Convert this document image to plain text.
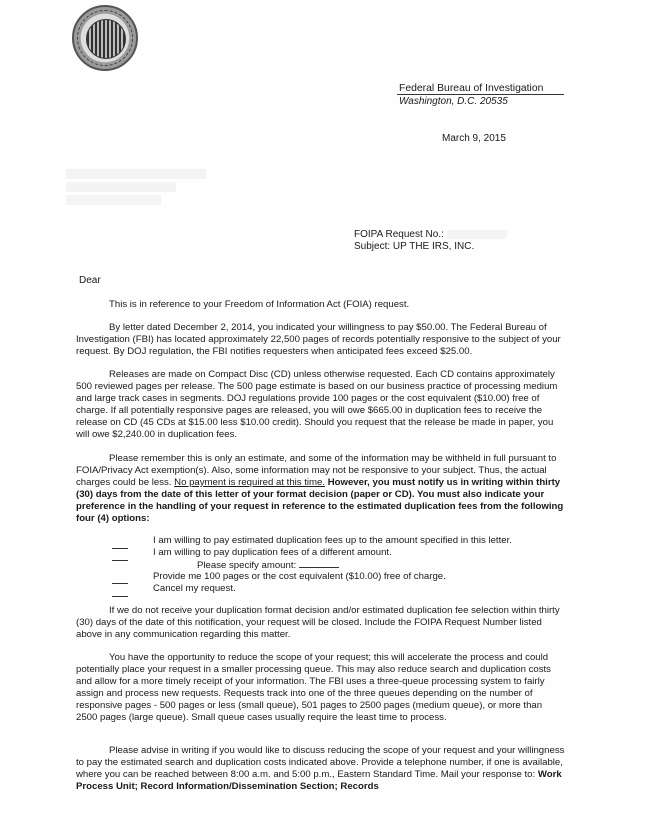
Federal Bureau of Investigation
Washington, D.C. 20535
March 9, 2015
FOIPA Request No.:
Subject: UP THE IRS, INC.
Dear

This is in reference to your Freedom of Information Act (FOIA) request.

By letter dated December 2, 2014, you indicated your willingness to pay $50.00. The Federal Bureau of Investigation (FBI) has located approximately 22,500 pages of records potentially responsive to the subject of your request. By DOJ regulation, the FBI notifies requesters when anticipated fees exceed $25.00.

Releases are made on Compact Disc (CD) unless otherwise requested. Each CD contains approximately 500 reviewed pages per release. The 500 page estimate is based on our business practice of processing medium and large track cases in segments. DOJ regulations provide 100 pages or the cost equivalent ($10.00) free of charge. If all potentially responsive pages are released, you will owe $665.00 in duplication fees to receive the release on CD (45 CDs at $15.00 less $10.00 credit). Should you request that the release be made in paper, you will owe $2,240.00 in duplication fees.

Please remember this is only an estimate, and some of the information may be withheld in full pursuant to FOIA/Privacy Act exemption(s). Also, some information may not be responsive to your subject. Thus, the actual charges could be less. No payment is required at this time. However, you must notify us in writing within thirty (30) days from the date of this letter of your format decision (paper or CD). You must also indicate your preference in the handling of your request in reference to the estimated duplication fees from the following four (4) options:

I am willing to pay estimated duplication fees up to the amount specified in this letter.
I am willing to pay duplication fees of a different amount.
Please specify amount:
Provide me 100 pages or the cost equivalent ($10.00) free of charge.
Cancel my request.

If we do not receive your duplication format decision and/or estimated duplication fee selection within thirty (30) days of the date of this notification, your request will be closed. Include the FOIPA Request Number listed above in any communication regarding this matter.

You have the opportunity to reduce the scope of your request; this will accelerate the process and could potentially place your request in a smaller processing queue. This may also reduce search and duplication costs and allow for a more timely receipt of your information. The FBI uses a three-queue processing system to fairly assign and process new requests. Requests track into one of the three queues depending on the number of responsive pages - 500 pages or less (small queue), 501 pages to 2500 pages (medium queue), or more than 2500 pages (large queue). Small queue cases usually require the least time to process.

Please advise in writing if you would like to discuss reducing the scope of your request and your willingness to pay the estimated search and duplication costs indicated above. Provide a telephone number, if one is available, where you can be reached between 8:00 a.m. and 5:00 p.m., Eastern Standard Time. Mail your response to: Work Process Unit; Record Information/Dissemination Section; Records
